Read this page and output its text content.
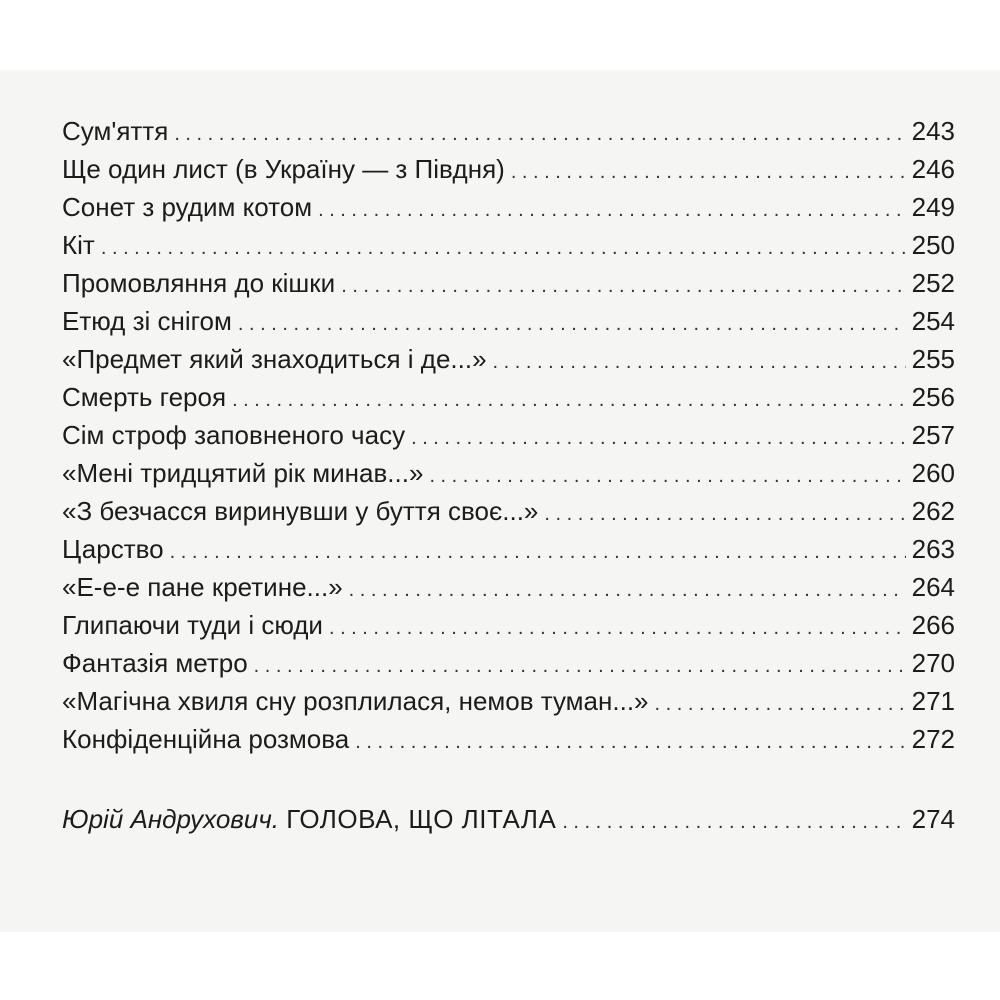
Сум'яття . . .	243
Ще один лист (в Україну — з Півдня) . . .	246
Сонет з рудим котом . . .	249
Кіт . . .	250
Промовляння до кішки . . .	252
Етюд зі снігом . . .	254
«Предмет який знаходиться і де...» . . .	255
Смерть героя . . .	256
Сім строф заповненого часу . . .	257
«Мені тридцятий рік минав...» . . .	260
«З безчасся виринувши у буття своє...» . . .	262
Царство . . .	263
«Е-е-е пане кретине...» . . .	264
Глипаючи туди і сюди . . .	266
Фантазія метро . . .	270
«Магічна хвиля сну розплилася, немов туман...» . . .	271
Конфіденційна розмова . . .	272
Юрій Андрухович. ГОЛОВА, ЩО ЛІТАЛА . . .	274
